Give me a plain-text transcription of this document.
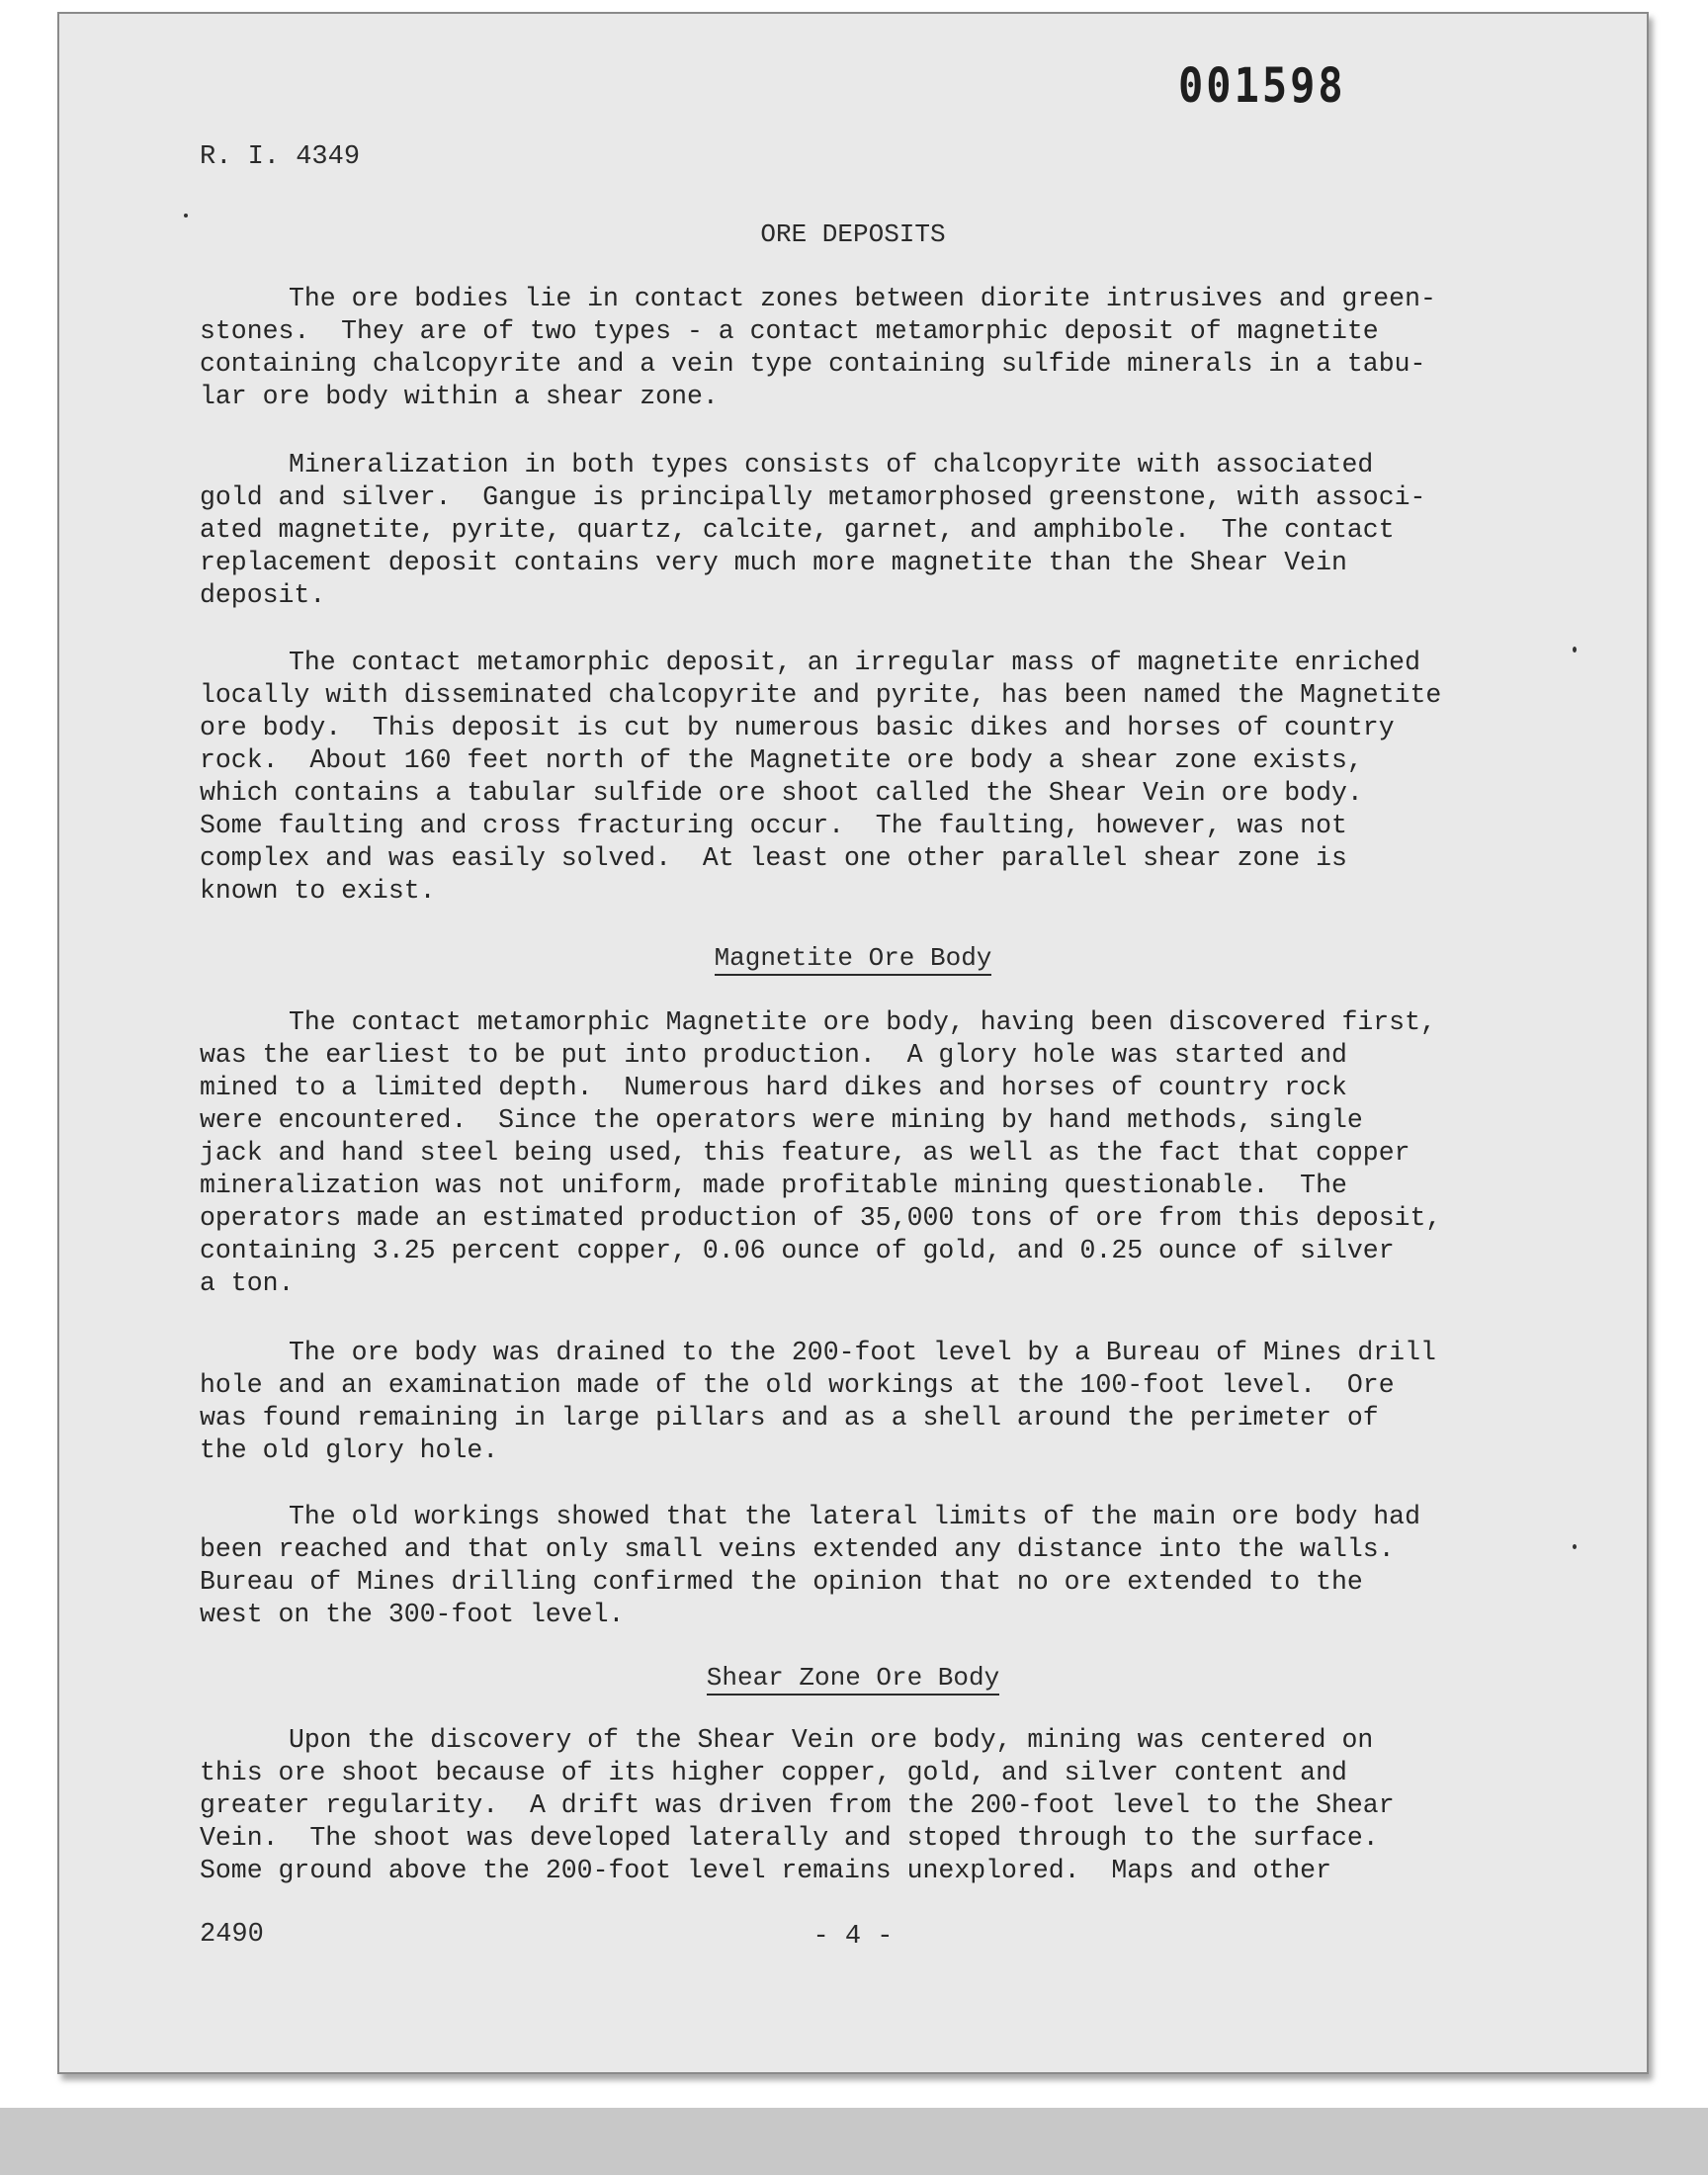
001598
R. I. 4349
ORE DEPOSITS

The ore bodies lie in contact zones between diorite intrusives and green-

stones.  They are of two types - a contact metamorphic deposit of magnetite

containing chalcopyrite and a vein type containing sulfide minerals in a tabu-

lar ore body within a shear zone.

Mineralization in both types consists of chalcopyrite with associated

gold and silver.  Gangue is principally metamorphosed greenstone, with associ-

ated magnetite, pyrite, quartz, calcite, garnet, and amphibole.  The contact

replacement deposit contains very much more magnetite than the Shear Vein

deposit.

The contact metamorphic deposit, an irregular mass of magnetite enriched

locally with disseminated chalcopyrite and pyrite, has been named the Magnetite

ore body.  This deposit is cut by numerous basic dikes and horses of country

rock.  About 160 feet north of the Magnetite ore body a shear zone exists,

which contains a tabular sulfide ore shoot called the Shear Vein ore body.

Some faulting and cross fracturing occur.  The faulting, however, was not

complex and was easily solved.  At least one other parallel shear zone is

known to exist.

Magnetite Ore Body

The contact metamorphic Magnetite ore body, having been discovered first,

was the earliest to be put into production.  A glory hole was started and

mined to a limited depth.  Numerous hard dikes and horses of country rock

were encountered.  Since the operators were mining by hand methods, single

jack and hand steel being used, this feature, as well as the fact that copper

mineralization was not uniform, made profitable mining questionable.  The

operators made an estimated production of 35,000 tons of ore from this deposit,

containing 3.25 percent copper, 0.06 ounce of gold, and 0.25 ounce of silver

a ton.

The ore body was drained to the 200-foot level by a Bureau of Mines drill

hole and an examination made of the old workings at the 100-foot level.  Ore

was found remaining in large pillars and as a shell around the perimeter of

the old glory hole.

The old workings showed that the lateral limits of the main ore body had

been reached and that only small veins extended any distance into the walls.

Bureau of Mines drilling confirmed the opinion that no ore extended to the

west on the 300-foot level.

Shear Zone Ore Body

Upon the discovery of the Shear Vein ore body, mining was centered on

this ore shoot because of its higher copper, gold, and silver content and

greater regularity.  A drift was driven from the 200-foot level to the Shear

Vein.  The shoot was developed laterally and stoped through to the surface.

Some ground above the 200-foot level remains unexplored.  Maps and other

2490	- 4 -
